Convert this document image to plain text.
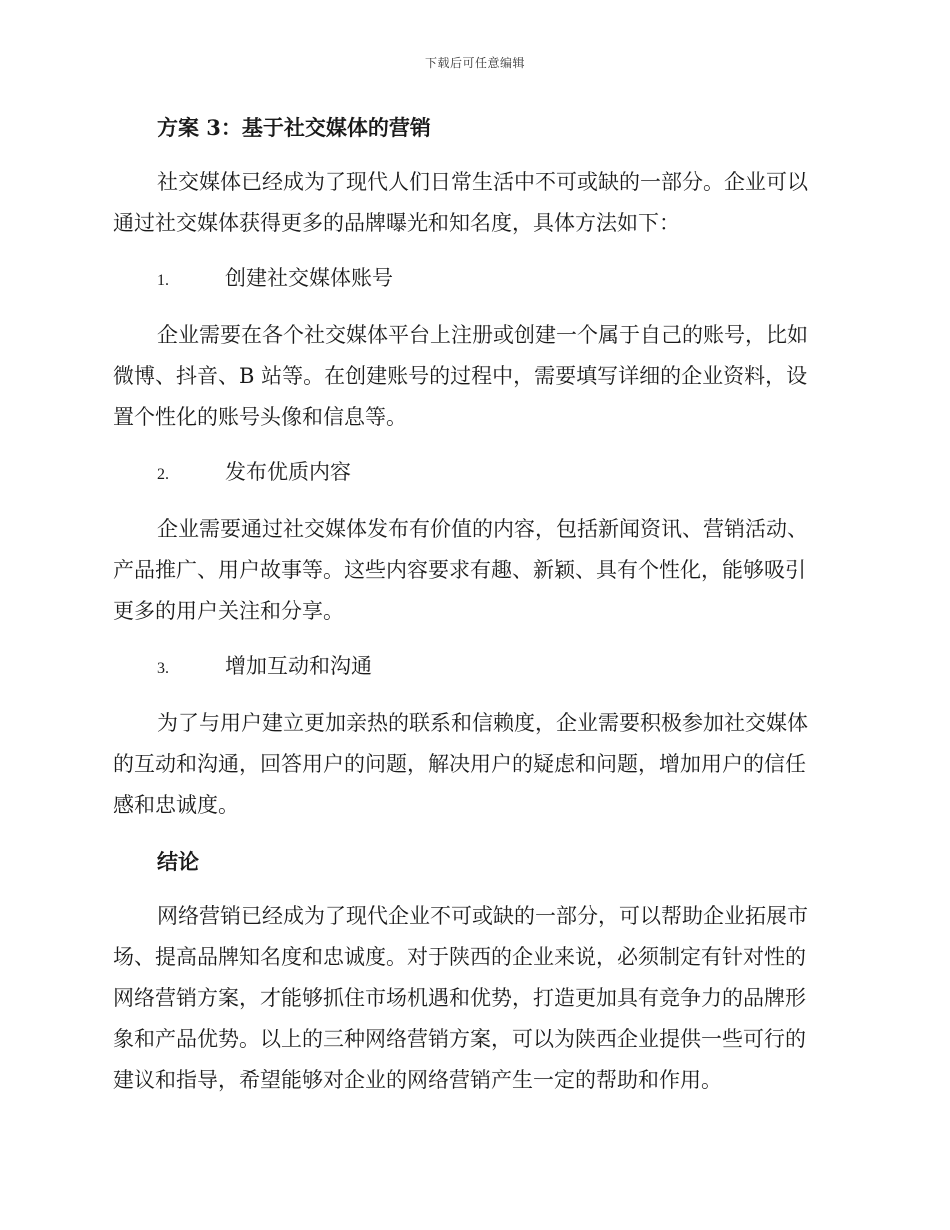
下载后可任意编辑

方案 3：基于社交媒体的营销

社交媒体已经成为了现代人们日常生活中不可或缺的一部分。企业可以

通过社交媒体获得更多的品牌曝光和知名度，具体方法如下：

1.	创建社交媒体账号

企业需要在各个社交媒体平台上注册或创建一个属于自己的账号，比如

微博、抖音、B 站等。在创建账号的过程中，需要填写详细的企业资料，设

置个性化的账号头像和信息等。

2.	发布优质内容

企业需要通过社交媒体发布有价值的内容，包括新闻资讯、营销活动、

产品推广、用户故事等。这些内容要求有趣、新颖、具有个性化，能够吸引

更多的用户关注和分享。

3.	增加互动和沟通

为了与用户建立更加亲热的联系和信赖度，企业需要积极参加社交媒体

的互动和沟通，回答用户的问题，解决用户的疑虑和问题，增加用户的信任

感和忠诚度。

结论

网络营销已经成为了现代企业不可或缺的一部分，可以帮助企业拓展市

场、提高品牌知名度和忠诚度。对于陕西的企业来说，必须制定有针对性的

网络营销方案，才能够抓住市场机遇和优势，打造更加具有竞争力的品牌形

象和产品优势。以上的三种网络营销方案，可以为陕西企业提供一些可行的

建议和指导，希望能够对企业的网络营销产生一定的帮助和作用。
